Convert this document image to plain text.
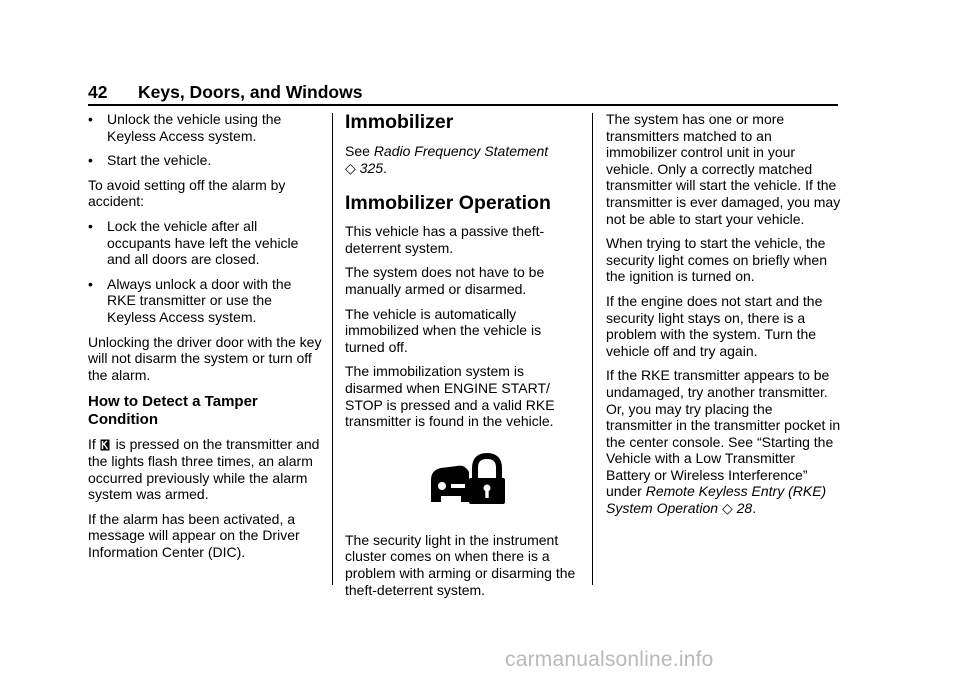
42 Keys, Doors, and Windows
• Unlock the vehicle using the Keyless Access system.
• Start the vehicle.

To avoid setting off the alarm by accident:

• Lock the vehicle after all occupants have left the vehicle and all doors are closed.
• Always unlock a door with the RKE transmitter or use the Keyless Access system.

Unlocking the driver door with the key will not disarm the system or turn off the alarm.

How to Detect a Tamper Condition

If is pressed on the transmitter and the lights flash three times, an alarm occurred previously while the alarm system was armed.

If the alarm has been activated, a message will appear on the Driver Information Center (DIC).

Immobilizer

See Radio Frequency Statement
◇ 325.

Immobilizer Operation

This vehicle has a passive theft-deterrent system.

The system does not have to be manually armed or disarmed.

The vehicle is automatically immobilized when the vehicle is turned off.

The immobilization system is disarmed when ENGINE START/ STOP is pressed and a valid RKE transmitter is found in the vehicle.

The security light in the instrument cluster comes on when there is a problem with arming or disarming the theft-deterrent system.

The system has one or more transmitters matched to an immobilizer control unit in your vehicle. Only a correctly matched transmitter will start the vehicle. If the transmitter is ever damaged, you may not be able to start your vehicle.

When trying to start the vehicle, the security light comes on briefly when the ignition is turned on.

If the engine does not start and the security light stays on, there is a problem with the system. Turn the vehicle off and try again.

If the RKE transmitter appears to be undamaged, try another transmitter. Or, you may try placing the transmitter in the transmitter pocket in the center console. See “Starting the Vehicle with a Low Transmitter Battery or Wireless Interference” under Remote Keyless Entry (RKE) System Operation ◇ 28.

carmanualsonline.info
